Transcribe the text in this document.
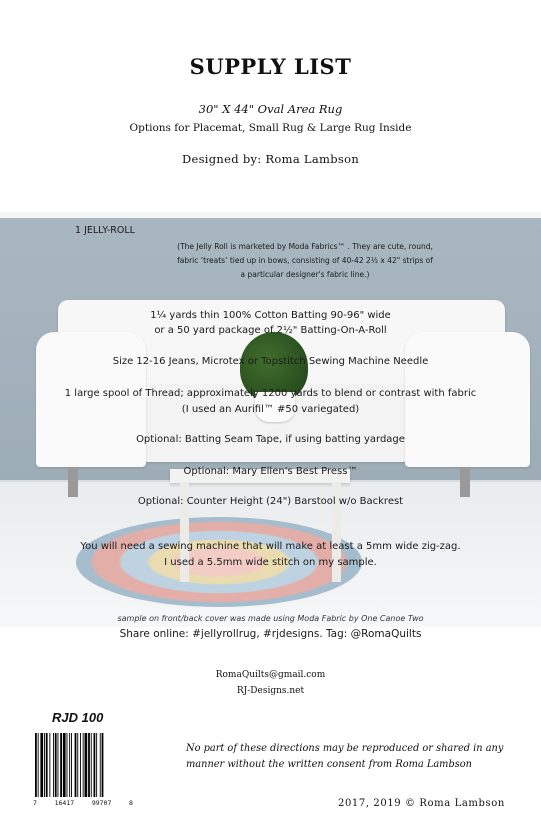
SUPPLY LIST
30" X 44" Oval Area Rug
Options for Placemat, Small Rug & Large Rug Inside
Designed by: Roma Lambson
1 JELLY-ROLL
(The Jelly Roll is marketed by Moda Fabrics™ . They are cute, round, fabric ‘treats’ tied up in bows, consisting of 40-42 2½ x 42" strips of a particular designer's fabric line.)
1¼ yards thin 100% Cotton Batting 90-96" wide
or a 50 yard package of 2½" Batting-On-A-Roll
Size 12-16 Jeans, Microtex or Topstitch Sewing Machine Needle
1 large spool of Thread; approximately 1200 yards to blend or contrast with fabric
(I used an Aurifil™ #50 variegated)
Optional: Batting Seam Tape, if using batting yardage
Optional: Mary Ellen's Best Press™
Optional: Counter Height (24") Barstool w/o Backrest
You will need a sewing machine that will make at least a 5mm wide zig-zag.
I used a 5.5mm wide stitch on my sample.
sample on front/back cover was made using Moda Fabric by One Canoe Two
Share online: #jellyrollrug, #rjdesigns. Tag: @RomaQuilts
RomaQuilts@gmail.com
RJ-Designs.net
RJD 100
7	16417	99707	8
No part of these directions may be reproduced or shared in any manner without the written consent from Roma Lambson
2017, 2019 © Roma Lambson
